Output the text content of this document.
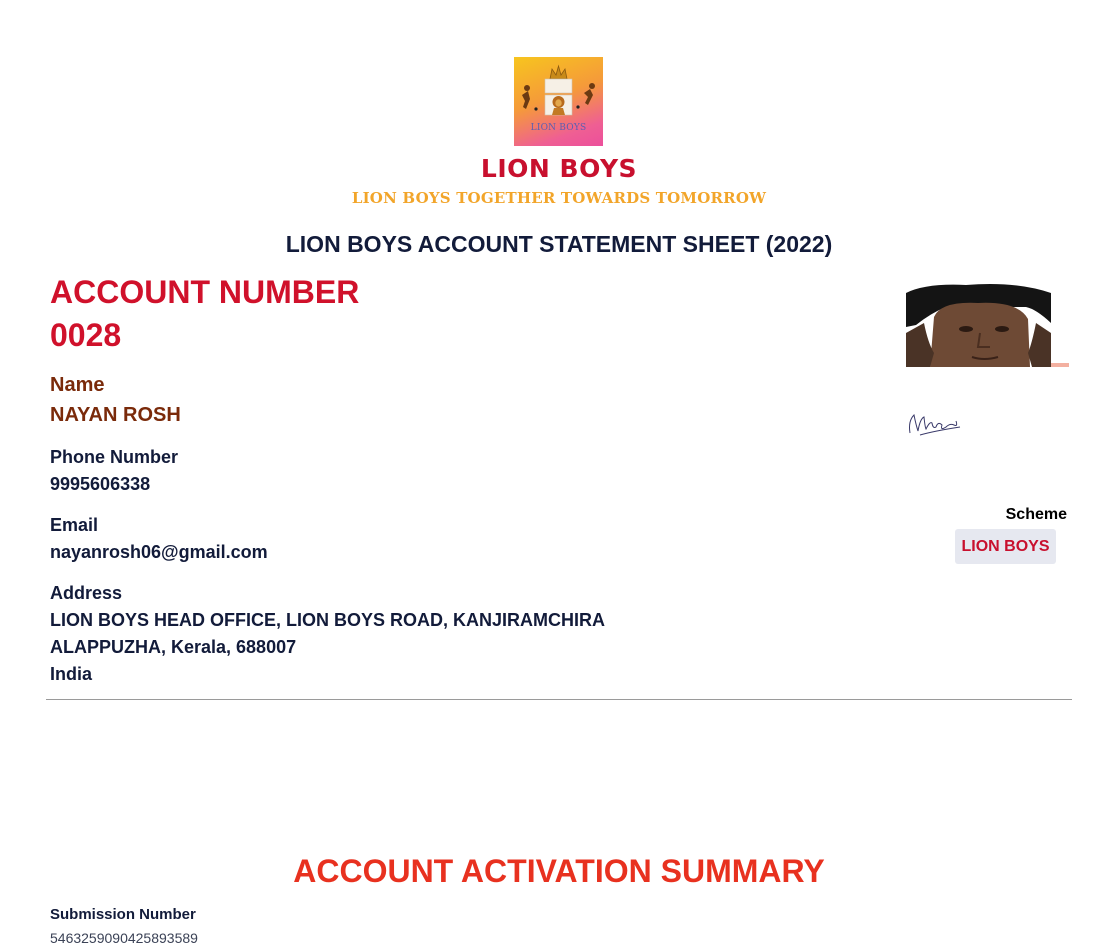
LION BOYS
LION BOYS
LION BOYS TOGETHER TOWARDS TOMORROW
LION BOYS ACCOUNT STATEMENT SHEET (2022)
ACCOUNT NUMBER
0028
Name
NAYAN ROSH
Phone Number
9995606338
Email
nayanrosh06@gmail.com
Address
LION BOYS HEAD OFFICE, LION BOYS ROAD, KANJIRAMCHIRA
ALAPPUZHA, Kerala, 688007
India
Scheme
LION BOYS
ACCOUNT ACTIVATION SUMMARY
Submission Number
5463259090425893589
